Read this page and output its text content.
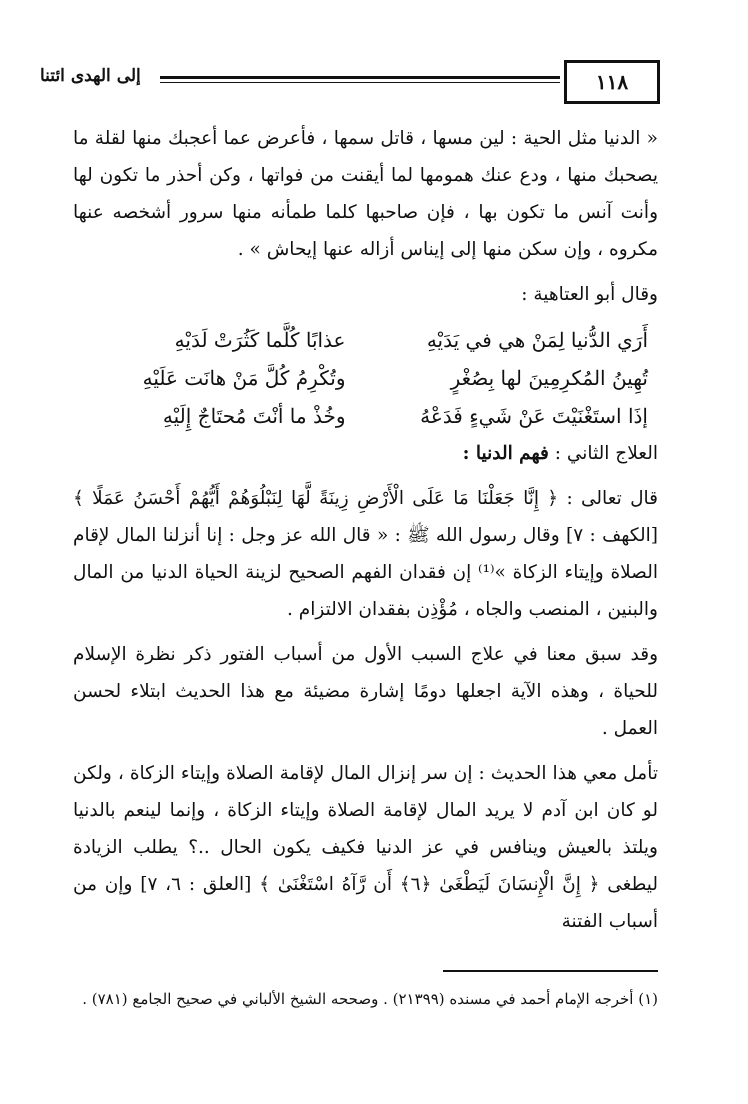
١١٨
إلى الهدى ائتنا

« الدنيا مثل الحية : لين مسها ، قاتل سمها ، فأعرض عما أعجبك منها لقلة ما يصحبك منها ، ودع عنك همومها لما أيقنت من فواتها ، وكن أحذر ما تكون لها وأنت آنس ما تكون بها ، فإن صاحبها كلما طمأنه منها سرور أشخصه عنها مكروه ، وإن سكن منها إلى إيناس أزاله عنها إيحاش » .

وقال أبو العتاهية :

أَرَي الدُّنيا لِمَنْ هي في يَدَيْهِ
عذابًا كُلَّما كَثُرَتْ لَدَيْهِ
تُهِينُ المُكرِمِينَ لها بِصُغْرٍ
وتُكْرِمُ كُلَّ مَنْ هانَت عَلَيْهِ
إذَا استَغْنَيْتَ عَنْ شَيءٍ فَدَعْهُ
وخُذْ ما أنْتَ مُحتَاجٌ إِلَيْهِ

العلاج الثاني : فهم الدنيا :

قال تعالى : ﴿ إِنَّا جَعَلْنَا مَا عَلَى الْأَرْضِ زِينَةً لَّهَا لِنَبْلُوَهُمْ أَيُّهُمْ أَحْسَنُ عَمَلًا ﴾ [الكهف : ٧] وقال رسول الله ﷺ : « قال الله عز وجل : إنا أنزلنا المال لإقام الصلاة وإيتاء الزكاة »⁽¹⁾ إن فقدان الفهم الصحيح لزينة الحياة الدنيا من المال والبنين ، المنصب والجاه ، مُؤْذِن بفقدان الالتزام .

وقد سبق معنا في علاج السبب الأول من أسباب الفتور ذكر نظرة الإسلام للحياة ، وهذه الآية اجعلها دومًا إشارة مضيئة مع هذا الحديث ابتلاء لحسن العمل .

تأمل معي هذا الحديث : إن سر إنزال المال لإقامة الصلاة وإيتاء الزكاة ، ولكن لو كان ابن آدم لا يريد المال لإقامة الصلاة وإيتاء الزكاة ، وإنما لينعم بالدنيا ويلتذ بالعيش وينافس في عز الدنيا فكيف يكون الحال ..؟ يطلب الزيادة ليطغى ﴿ إِنَّ الْإِنسَانَ لَيَطْغَىٰ ﴿٦﴾ أَن رَّآهُ اسْتَغْنَىٰ ﴾ [العلق : ٦، ٧] وإن من أسباب الفتنة

(١) أخرجه الإمام أحمد في مسنده (٢١٣٩٩) . وصححه الشيخ الألباني في صحيح الجامع (٧٨١) .
